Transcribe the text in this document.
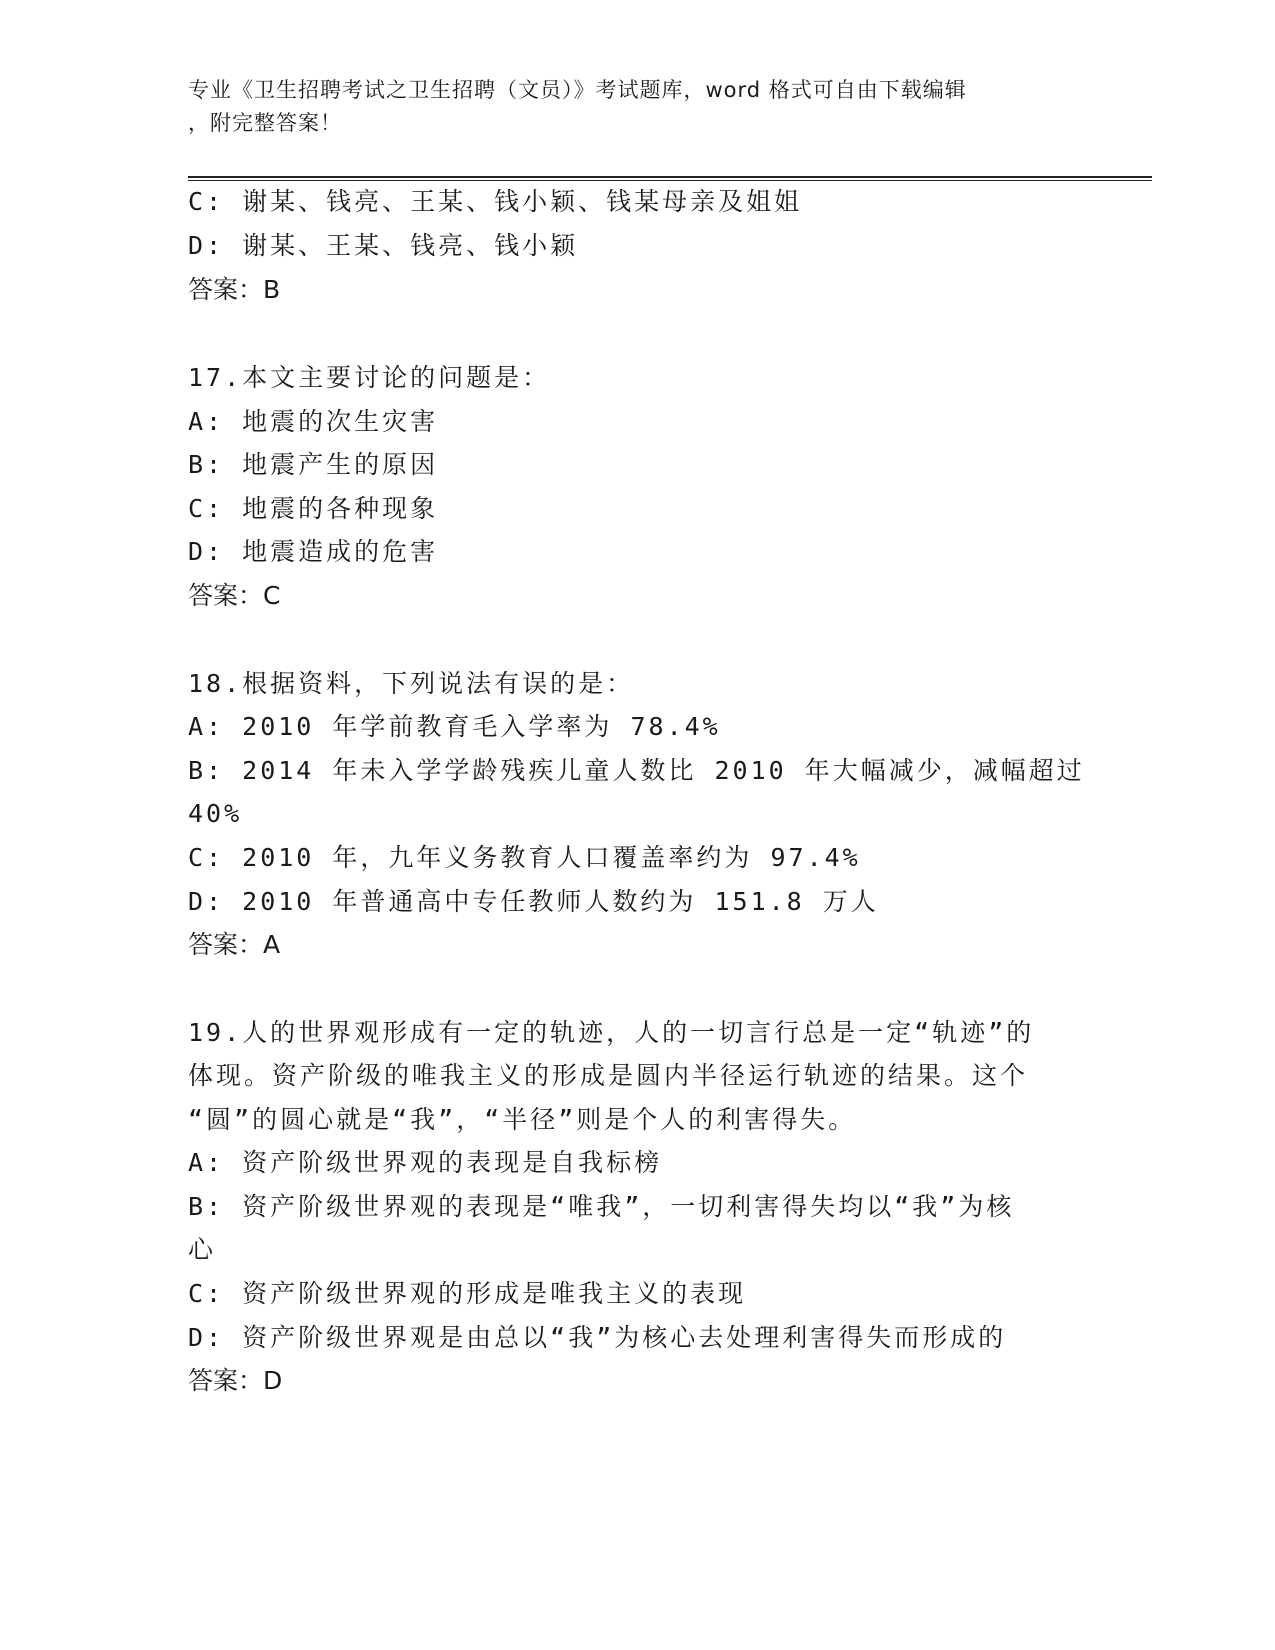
专业《卫生招聘考试之卫生招聘（文员）》考试题库，word 格式可自由下载编辑
，附完整答案！
C: 谢某、钱亮、王某、钱小颖、钱某母亲及姐姐
D: 谢某、王某、钱亮、钱小颖
答案：B
17.本文主要讨论的问题是：
A: 地震的次生灾害
B: 地震产生的原因
C: 地震的各种现象
D: 地震造成的危害
答案：C
18.根据资料，下列说法有误的是：
A: 2010 年学前教育毛入学率为 78.4%
B: 2014 年未入学学龄残疾儿童人数比 2010 年大幅减少，减幅超过
40%
C: 2010 年，九年义务教育人口覆盖率约为 97.4%
D: 2010 年普通高中专任教师人数约为 151.8 万人
答案：A
19.人的世界观形成有一定的轨迹，人的一切言行总是一定“轨迹”的
体现。资产阶级的唯我主义的形成是圆内半径运行轨迹的结果。这个
“圆”的圆心就是“我”，“半径”则是个人的利害得失。
A: 资产阶级世界观的表现是自我标榜
B: 资产阶级世界观的表现是“唯我”，一切利害得失均以“我”为核
心
C: 资产阶级世界观的形成是唯我主义的表现
D: 资产阶级世界观是由总以“我”为核心去处理利害得失而形成的
答案：D
